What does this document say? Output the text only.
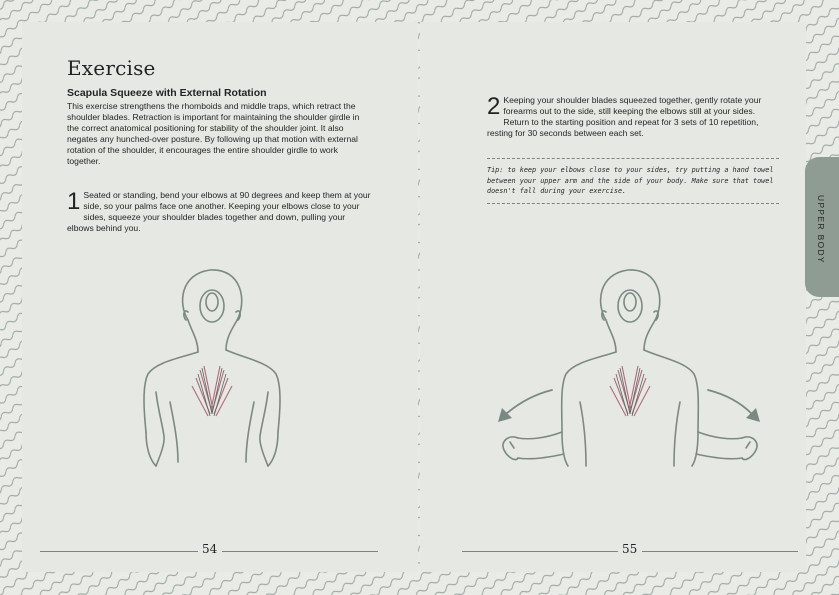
Exercise
Scapula Squeeze with External Rotation
This exercise strengthens the rhomboids and middle traps, which retract the shoulder blades. Retraction is important for maintaining the shoulder girdle in the correct anatomical positioning for stability of the shoulder joint. It also negates any hunched-over posture. By following up that motion with external rotation of the shoulder, it encourages the entire shoulder girdle to work together.
1 Seated or standing, bend your elbows at 90 degrees and keep them at your side, so your palms face one another. Keeping your elbows close to your sides, squeeze your shoulder blades together and down, pulling your elbows behind you.
2 Keeping your shoulder blades squeezed together, gently rotate your forearms out to the side, still keeping the elbows still at your sides. Return to the starting position and repeat for 3 sets of 10 repetition, resting for 30 seconds between each set.
Tip: to keep your elbows close to your sides, try putting a hand towel between your upper arm and the side of your body. Make sure that towel doesn't fall during your exercise.
UPPER BODY
54	55
